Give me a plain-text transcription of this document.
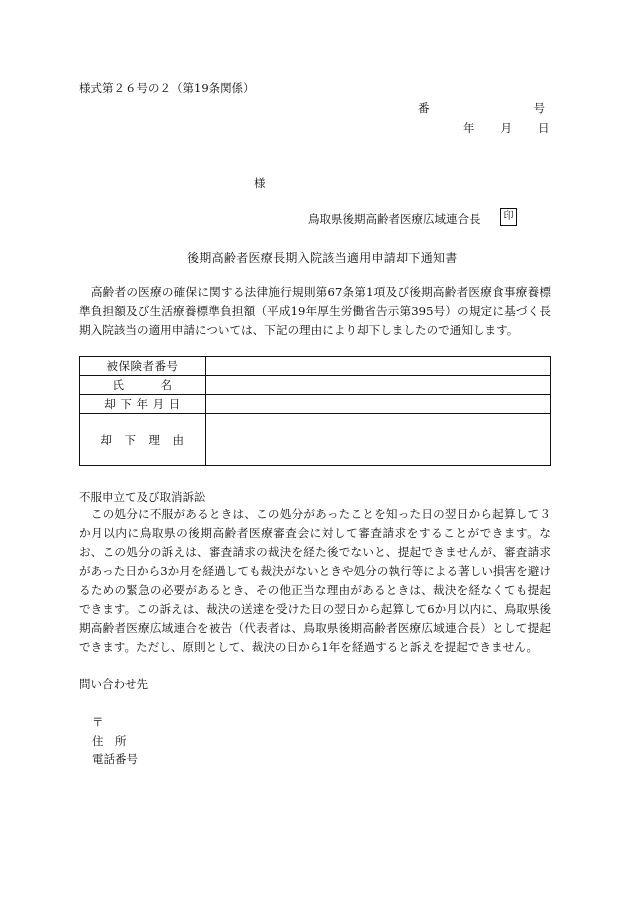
様式第２６号の２（第19条関係）
番	号
年 月 日
様
鳥取県後期高齢者医療広域連合長	印
後期高齢者医療長期入院該当適用申請却下通知書
　高齢者の医療の確保に関する法律施行規則第67条第1項及び後期高齢者医療食事療養標準負担額及び生活療養標準負担額（平成19年厚生労働省告示第395号）の規定に基づく長期入院該当の適用申請については、下記の理由により却下しましたので通知します。
被保険者番号	
氏　　　名	
却 下 年 月 日	
却　下　理　由	
不服申立て及び取消訴訟
　この処分に不服があるときは、この処分があったことを知った日の翌日から起算して３か月以内に鳥取県の後期高齢者医療審査会に対して審査請求をすることができます。なお、この処分の訴えは、審査請求の裁決を経た後でないと、提起できませんが、審査請求があった日から3か月を経過しても裁決がないときや処分の執行等による著しい損害を避けるための緊急の必要があるとき、その他正当な理由があるときは、裁決を経なくても提起できます。この訴えは、裁決の送達を受けた日の翌日から起算して6か月以内に、鳥取県後期高齢者医療広域連合を被告（代表者は、鳥取県後期高齢者医療広域連合長）として提起できます。ただし、原則として、裁決の日から1年を経過すると訴えを提起できません。
問い合わせ先
〒
住　所
電話番号
